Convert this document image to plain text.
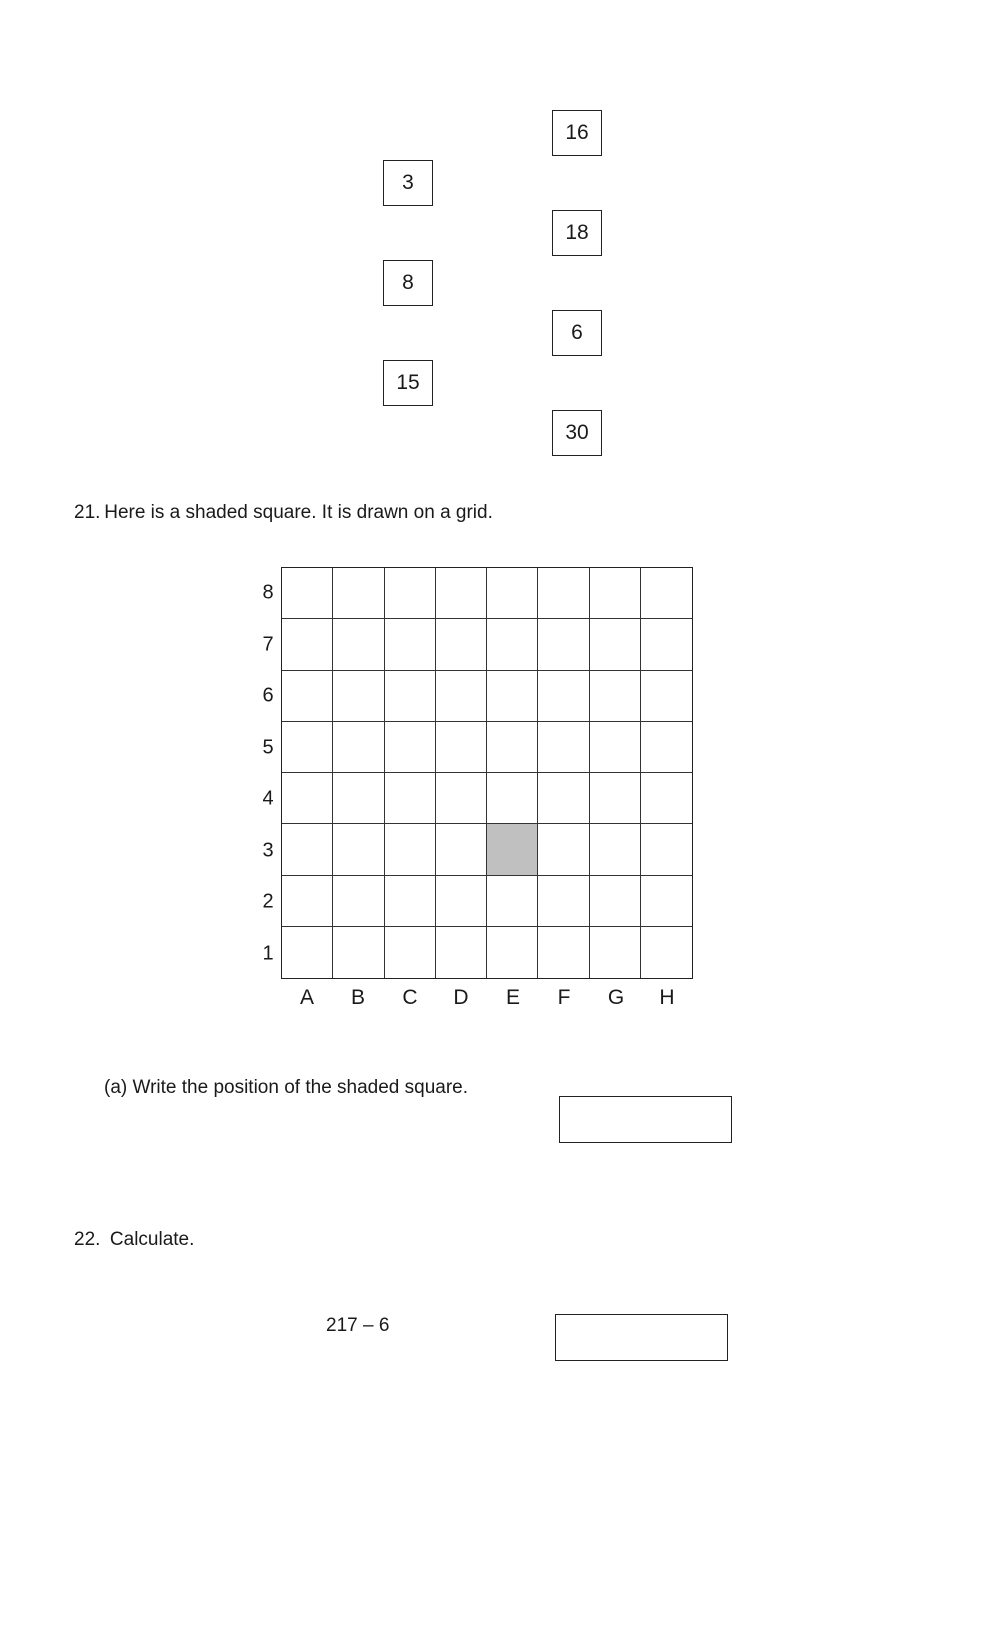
3
8
15
16
18
6
30
21. Here is a shaded square. It is drawn on a grid.
8
7
6
5
4
3
2
1
A	B	C	D	E	F	G	H
(a) Write the position of the shaded square.
22. Calculate.
217 – 6
